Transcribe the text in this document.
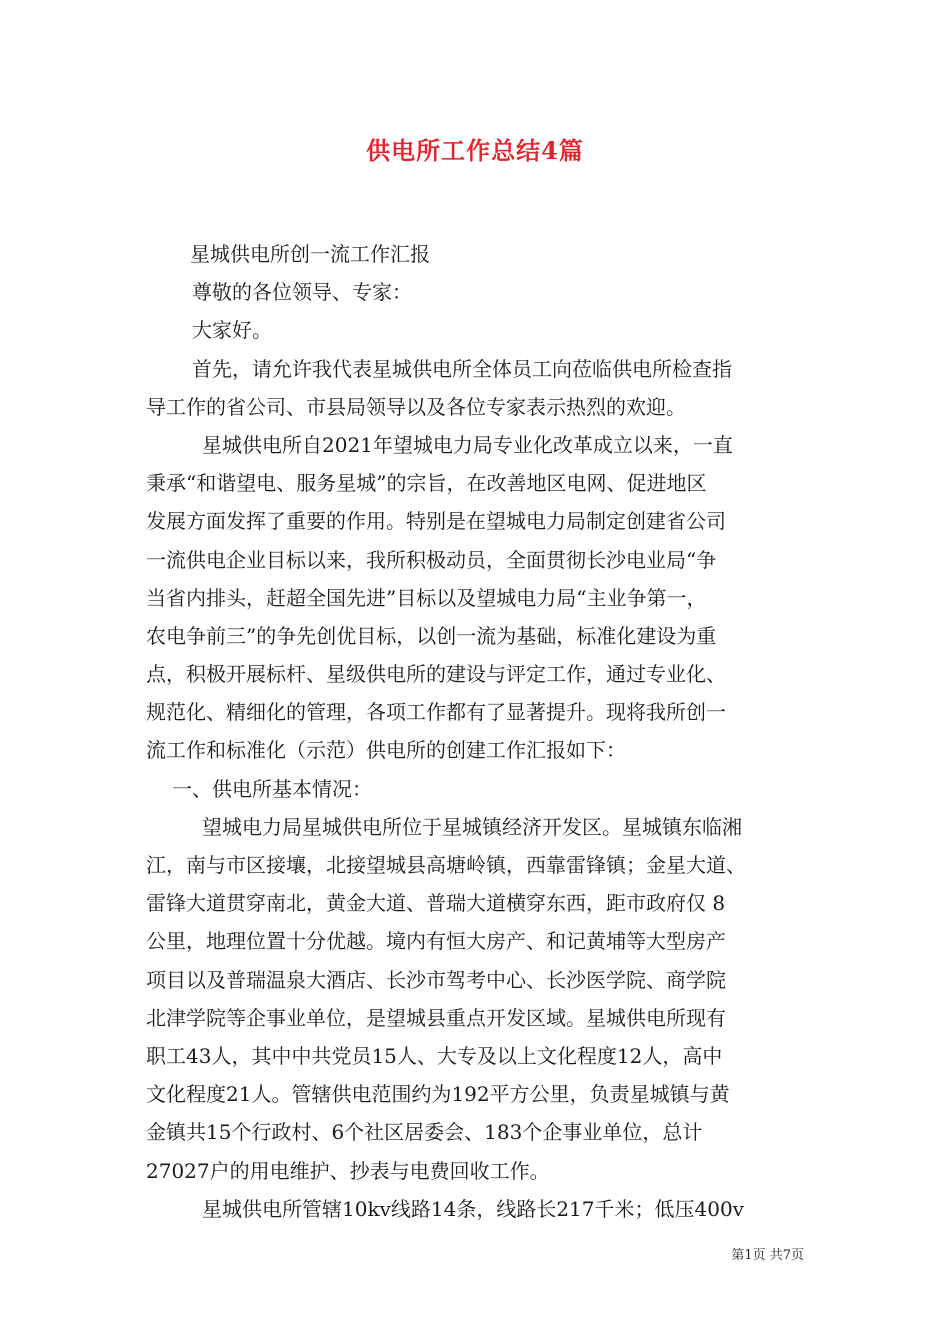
供电所工作总结4篇
星城供电所创一流工作汇报
尊敬的各位领导、专家：
大家好。
首先，请允许我代表星城供电所全体员工向莅临供电所检查指
导工作的省公司、市县局领导以及各位专家表示热烈的欢迎。
星城供电所自2021年望城电力局专业化改革成立以来，一直
秉承“和谐望电、服务星城”的宗旨，在改善地区电网、促进地区
发展方面发挥了重要的作用。特别是在望城电力局制定创建省公司
一流供电企业目标以来，我所积极动员，全面贯彻长沙电业局“争
当省内排头，赶超全国先进”目标以及望城电力局“主业争第一，
农电争前三”的争先创优目标，以创一流为基础，标准化建设为重
点，积极开展标杆、星级供电所的建设与评定工作，通过专业化、
规范化、精细化的管理，各项工作都有了显著提升。现将我所创一
流工作和标准化（示范）供电所的创建工作汇报如下：
一、供电所基本情况：
望城电力局星城供电所位于星城镇经济开发区。星城镇东临湘
江，南与市区接壤，北接望城县高塘岭镇，西靠雷锋镇；金星大道、
雷锋大道贯穿南北，黄金大道、普瑞大道横穿东西，距市政府仅 8
公里，地理位置十分优越。境内有恒大房产、和记黄埔等大型房产
项目以及普瑞温泉大酒店、长沙市驾考中心、长沙医学院、商学院
北津学院等企事业单位，是望城县重点开发区域。星城供电所现有
职工43人，其中中共党员15人、大专及以上文化程度12人，高中
文化程度21人。管辖供电范围约为192平方公里，负责星城镇与黄
金镇共15个行政村、6个社区居委会、183个企事业单位，总计
27027户的用电维护、抄表与电费回收工作。
星城供电所管辖10kv线路14条，线路长217千米；低压400v
第1页 共7页
